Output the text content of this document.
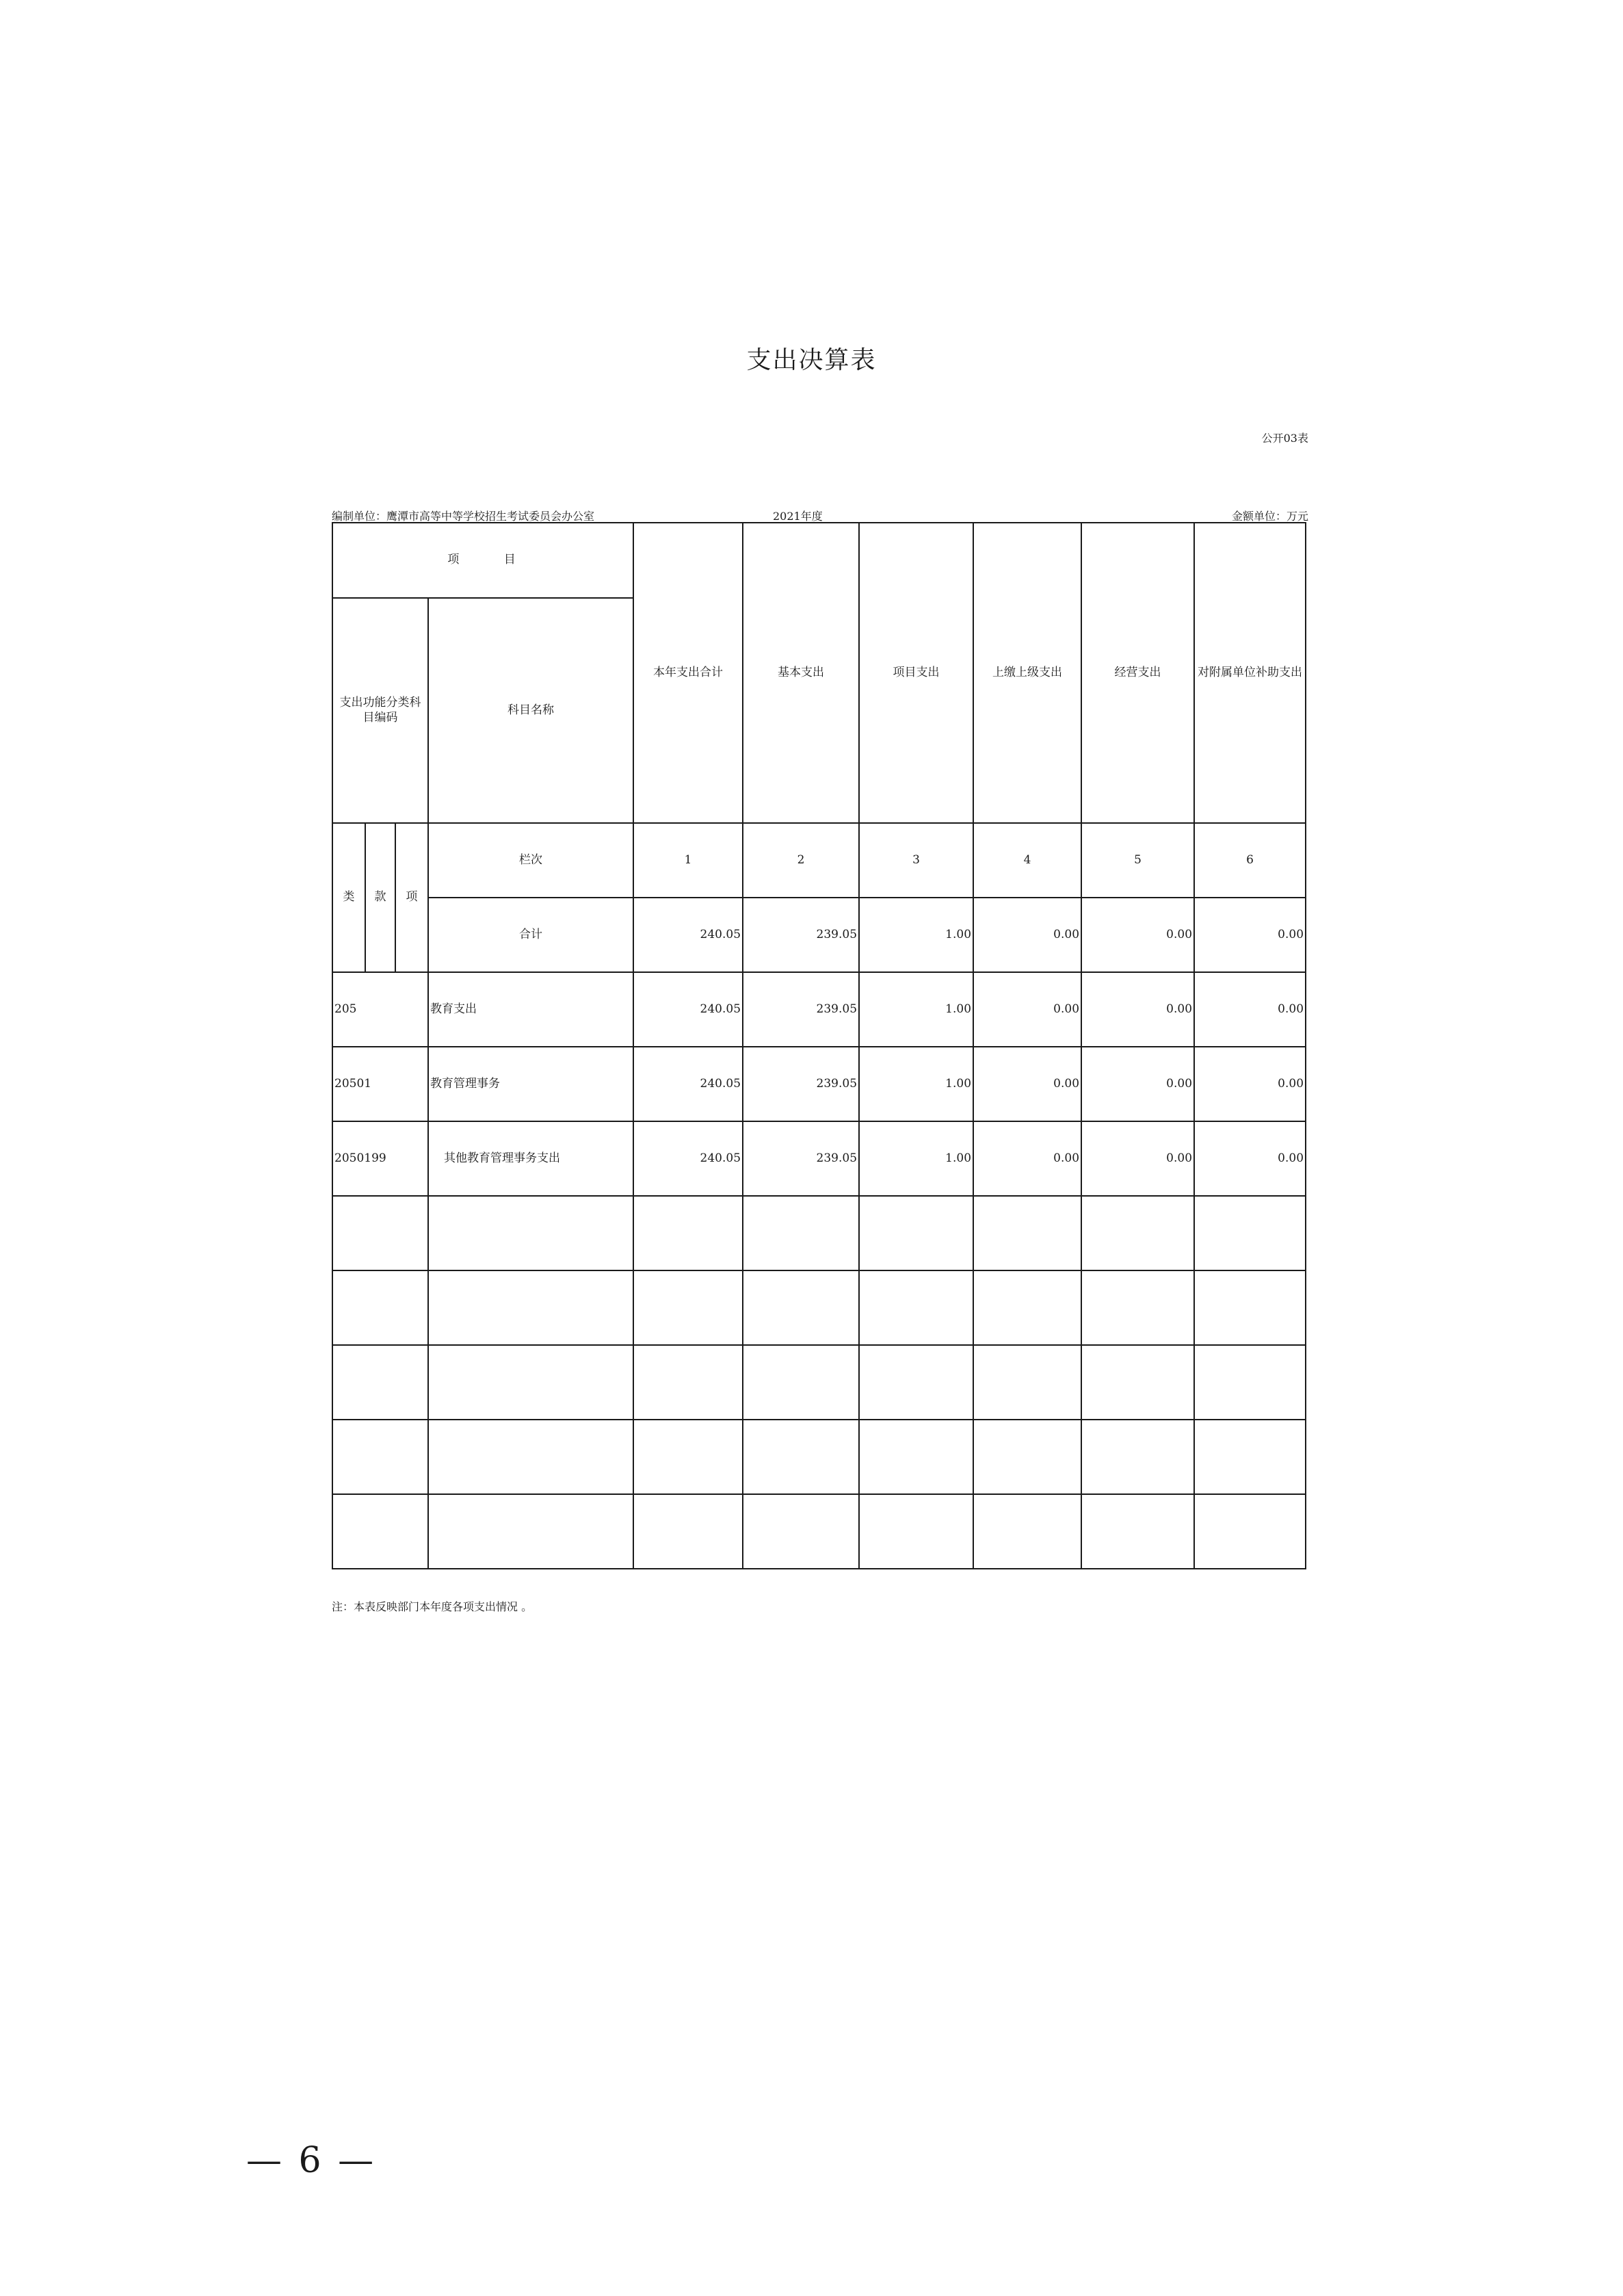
支出决算表
公开03表
编制单位：鹰潭市高等中等学校招生考试委员会办公室	2021年度	金额单位：万元
项 目				本年支出合计	基本支出	项目支出	上缴上级支出	经营支出	对附属单位补助支出
支出功能分类科目编码			科目名称						
类	款	项	栏次	1	2	3	4	5	6
			合计	240.05	239.05	1.00	0.00	0.00	0.00
205			教育支出	240.05	239.05	1.00	0.00	0.00	0.00
20501			教育管理事务	240.05	239.05	1.00	0.00	0.00	0.00
2050199			其他教育管理事务支出	240.05	239.05	1.00	0.00	0.00	0.00

注：本表反映部门本年度各项支出情况 。
— 6 —
